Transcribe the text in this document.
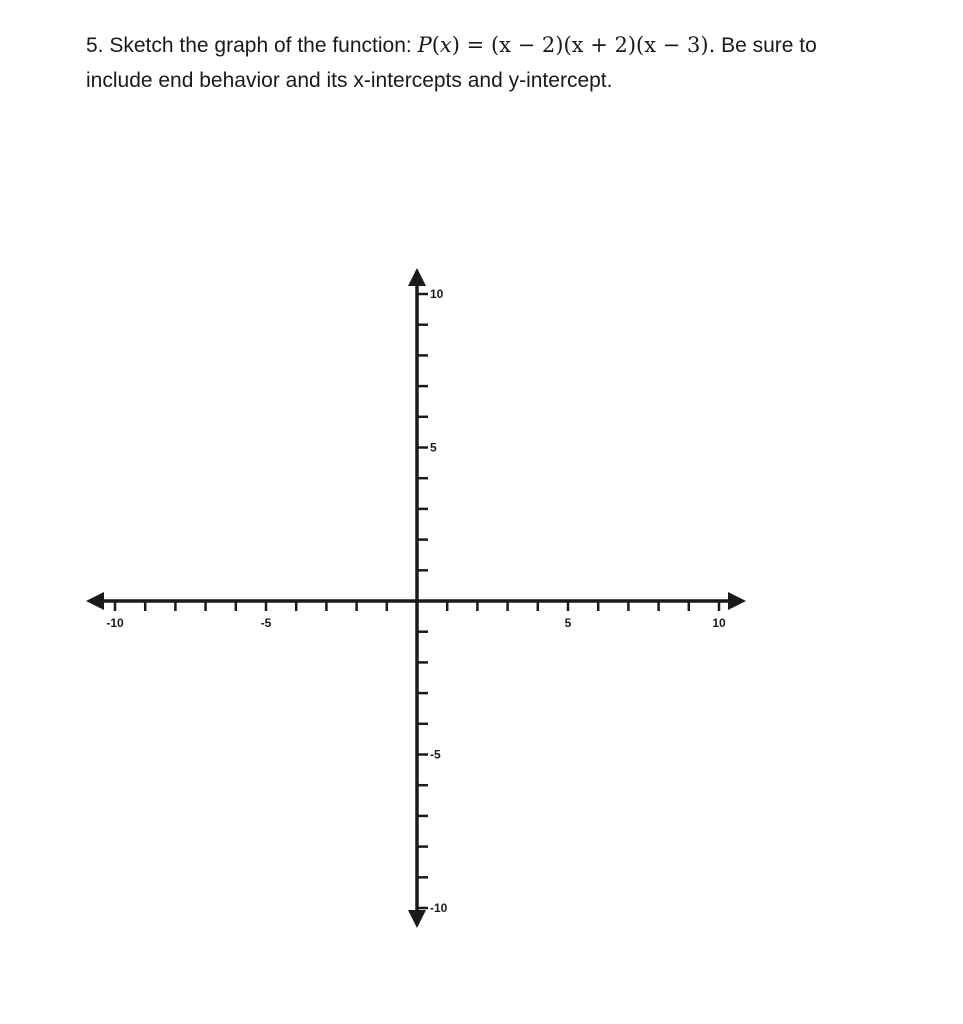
5. Sketch the graph of the function: P(x) = (x − 2)(x + 2)(x − 3). Be sure to
include end behavior and its x-intercepts and y-intercept.
-10	-5	5	10
10
5
-5
-10
